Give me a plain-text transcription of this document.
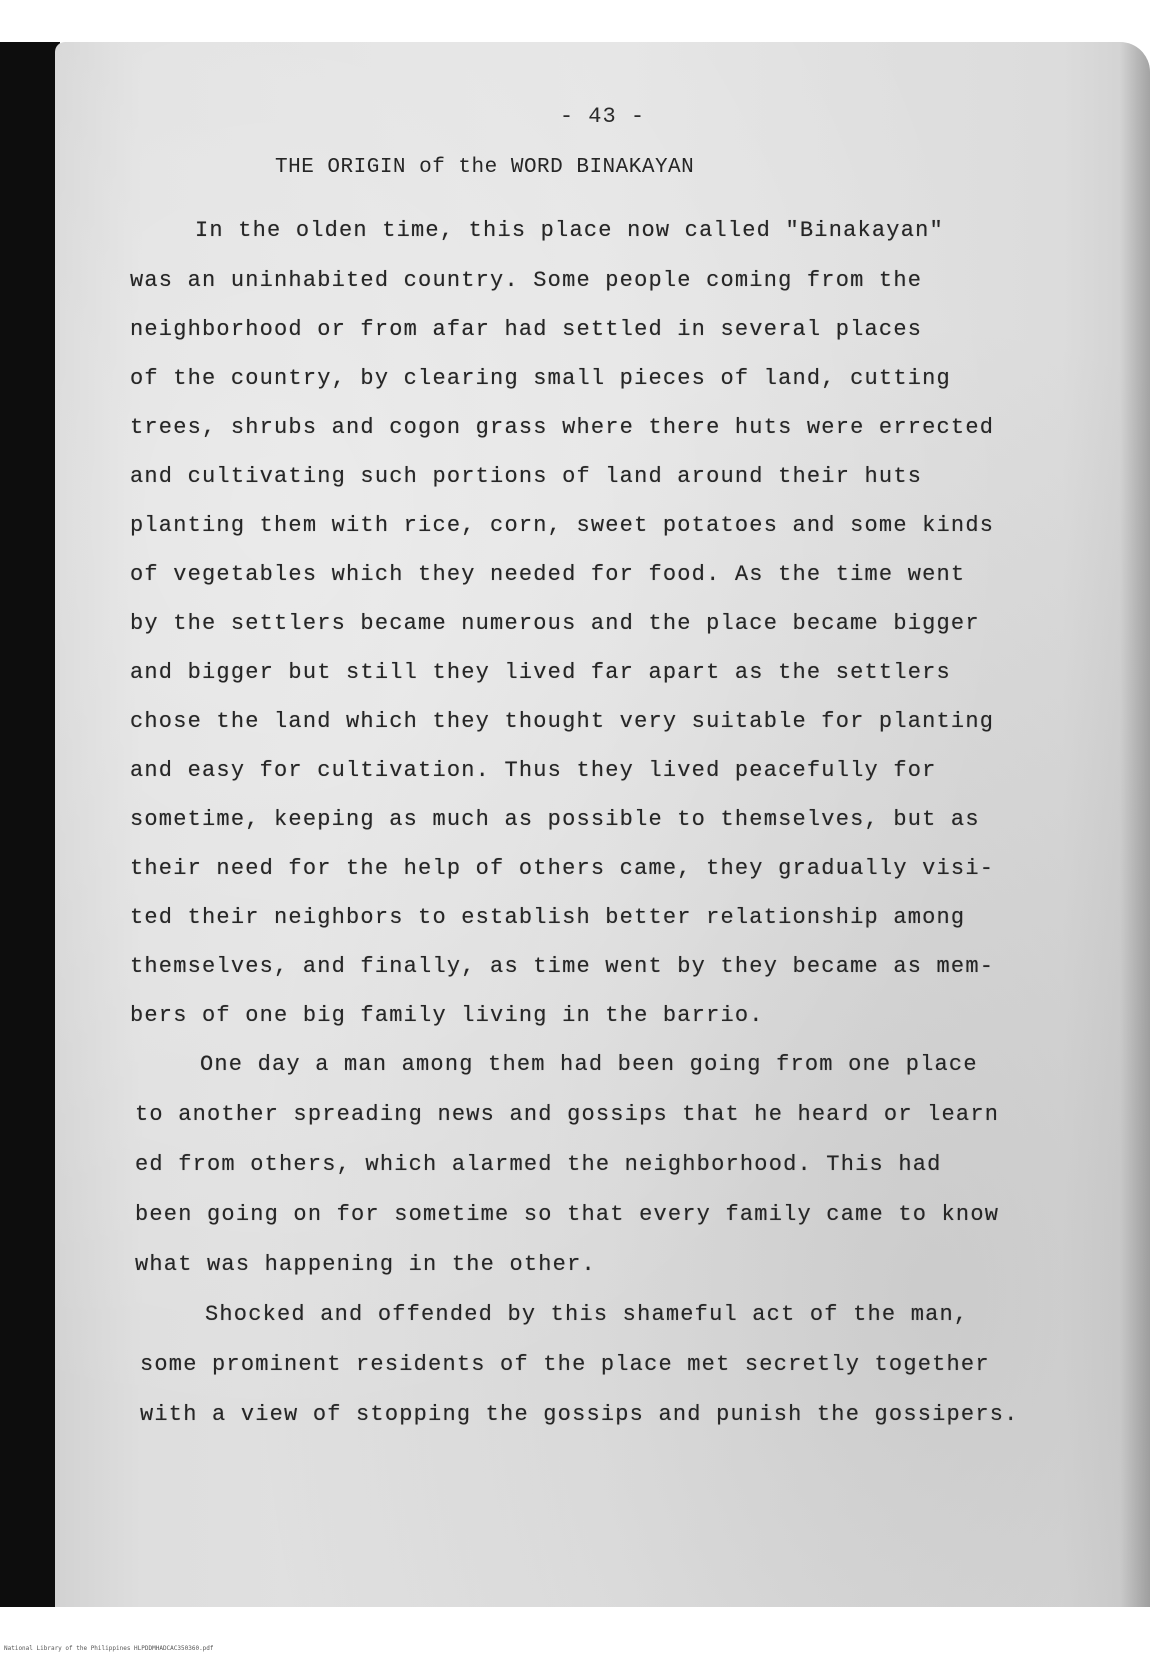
- 43 -
THE ORIGIN of the WORD BINAKAYAN
In the olden time, this place now called "Binakayan"
was an uninhabited country. Some people coming from the
neighborhood or from afar had settled in several places
of the country, by clearing small pieces of land, cutting
trees, shrubs and cogon grass where there huts were errected
and cultivating such portions of land around their huts
planting them with rice, corn, sweet potatoes and some kinds
of vegetables which they needed for food. As the time went
by the settlers became numerous and the place became bigger
and bigger but still they lived far apart as the settlers
chose the land which they thought very suitable for planting
and easy for cultivation. Thus they lived peacefully for
sometime, keeping as much as possible to themselves, but as
their need for the help of others came, they gradually visi-
ted their neighbors to establish better relationship among
themselves, and finally, as time went by they became as mem-
bers of one big family living in the barrio.
One day a man among them had been going from one place
to another spreading news and gossips that he heard or learn
ed from others, which alarmed the neighborhood. This had
been going on for sometime so that every family came to know
what was happening in the other.
Shocked and offended by this shameful act of the man,
some prominent residents of the place met secretly together
with a view of stopping the gossips and punish the gossipers.
National Library of the Philippines HLPDDMHADCAC350360.pdf
